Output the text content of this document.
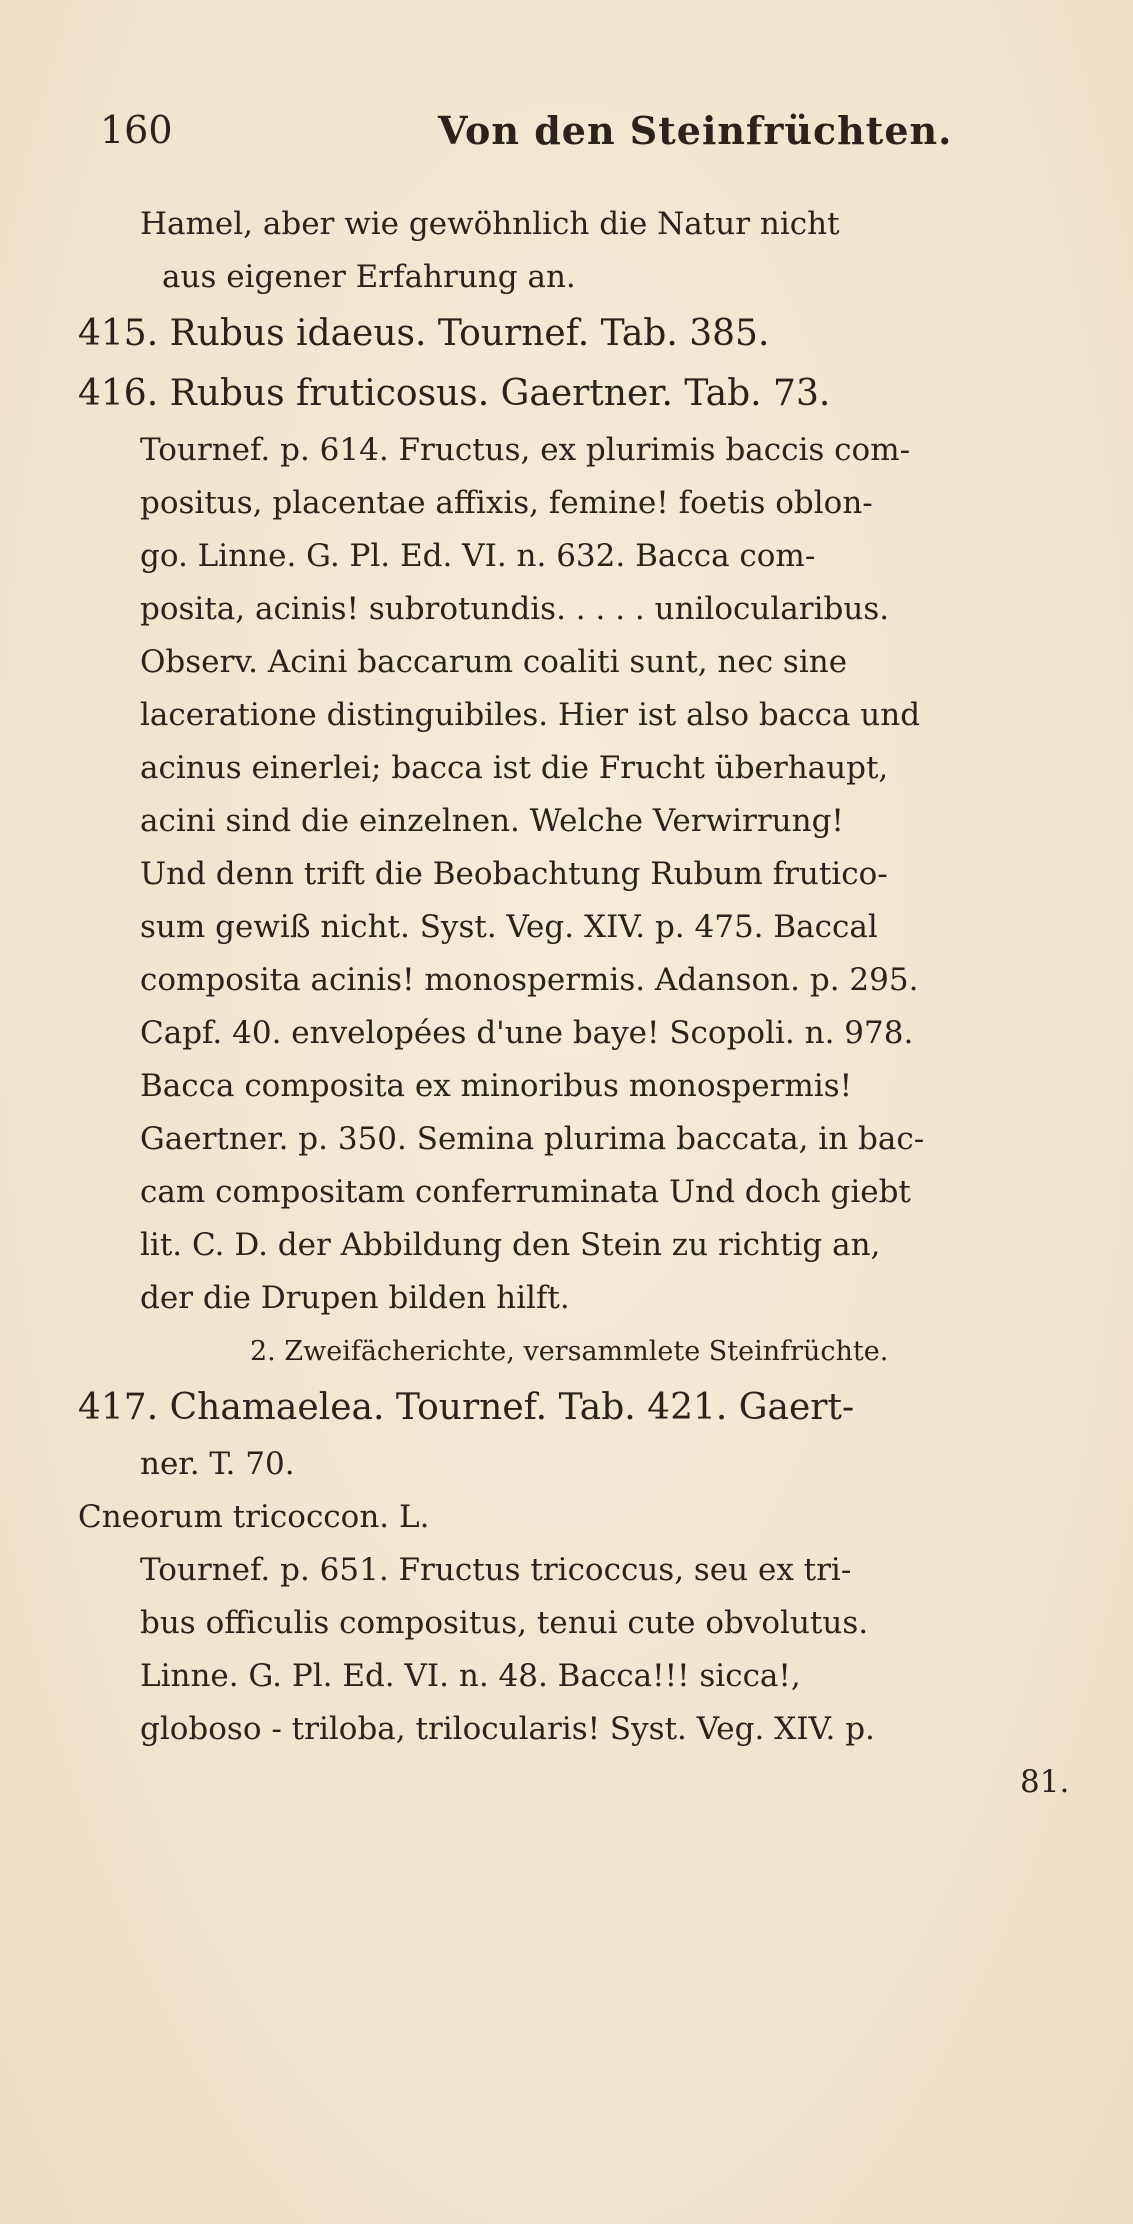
160	Von den Steinfrüchten.
Hamel, aber wie gewöhnlich die Natur nicht
aus eigener Erfahrung an.
415. Rubus idaeus. Tournef. Tab. 385.
416. Rubus fruticosus. Gaertner. Tab. 73.
Tournef. p. 614. Fructus, ex plurimis baccis com-
positus, placentae affixis, femine! foetis oblon-
go. Linne. G. Pl. Ed. VI. n. 632. Bacca com-
posita, acinis! subrotundis. . . . . unilocularibus.
Observ. Acini baccarum coaliti sunt, nec sine
laceratione distinguibiles. Hier ist also bacca und
acinus einerlei; bacca ist die Frucht überhaupt,
acini sind die einzelnen. Welche Verwirrung!
Und denn trift die Beobachtung Rubum frutico-
sum gewiß nicht. Syst. Veg. XIV. p. 475. Baccal
composita acinis! monospermis. Adanson. p. 295.
Capf. 40. envelopées d'une baye! Scopoli. n. 978.
Bacca composita ex minoribus monospermis!
Gaertner. p. 350. Semina plurima baccata, in bac-
cam compositam conferruminata Und doch giebt
lit. C. D. der Abbildung den Stein zu richtig an,
der die Drupen bilden hilft.
2. Zweifächerichte, versammlete Steinfrüchte.
417. Chamaelea. Tournef. Tab. 421. Gaert-
ner. T. 70.
Cneorum tricoccon. L.
Tournef. p. 651. Fructus tricoccus, seu ex tri-
bus officulis compositus, tenui cute obvolutus.
Linne. G. Pl. Ed. VI. n. 48. Bacca!!! sicca!,
globoso - triloba, trilocularis! Syst. Veg. XIV. p.
81.
